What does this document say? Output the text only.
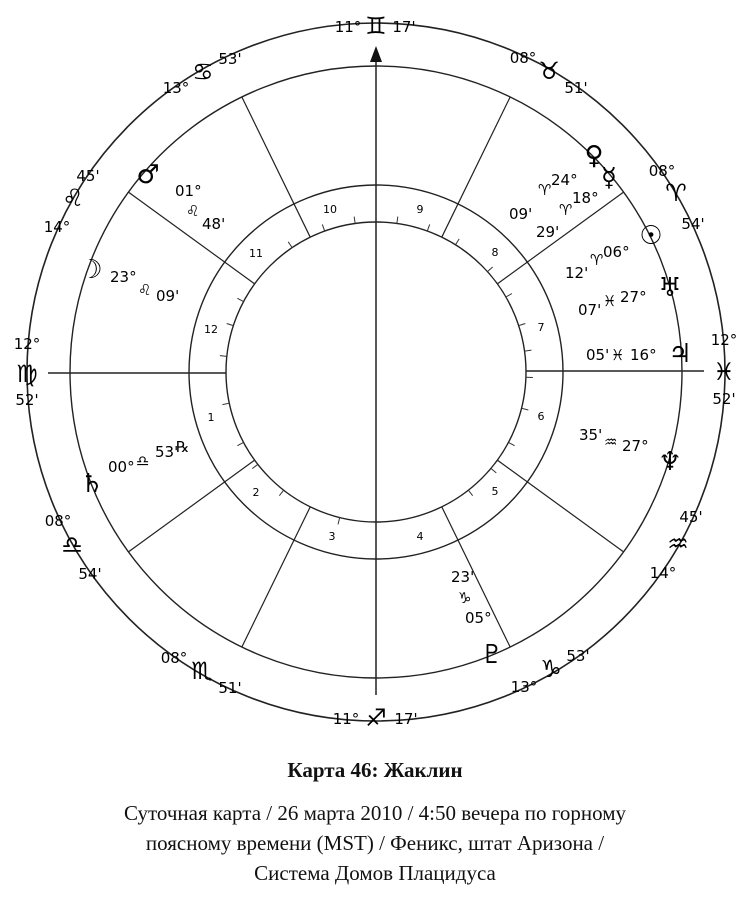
10	9
8
7
6
5
4
3
2
1
12
11
11° ♊ 17'
13°
♋ 53'
45'
♌
14°
12°
♍
52'
08°
♎
54'
08° ♏
51'
11° ♐ 17'
13°
♑ 53'
45'
♒
14°
12°
♓
52'
08°
♈
54'
08° ♉
51'
♂
01°
♌
48'
☽ 23°
♌ 09'
♄
00° ♎ 53'
℞
♀
24°
♈
09'
☿
18°
♈
29'	☉
♈ 06°
12'	♅
07' ♓ 27°
♃
05' ♓ 16°
♆
35' ♒ 27°
23'
♑
05°
♇
Карта 46: Жаклин
Суточная карта / 26 марта 2010 / 4:50 вечера по горному
поясному времени (MST) / Феникс, штат Аризона /
Система Домов Плацидуса
